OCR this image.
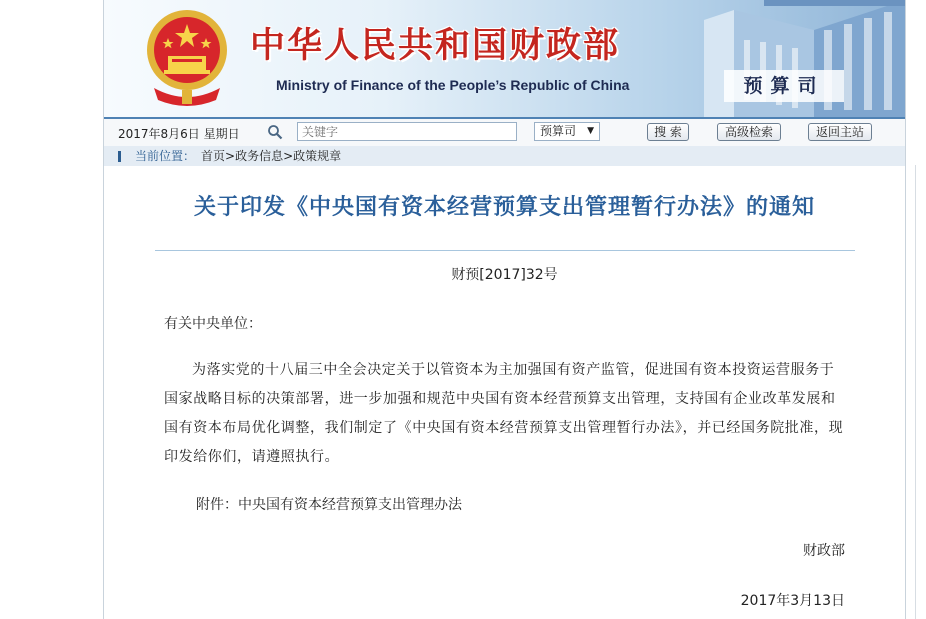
中华人民共和国财政部
Ministry of Finance of the People’s Republic of China	预算司
2017年8月6日 星期日
关键字	预算司 ▼	搜 索	高级检索	返回主站
当前位置： 首页>政务信息>政策规章
关于印发《中央国有资本经营预算支出管理暂行办法》的通知
财预[2017]32号
有关中央单位：
为落实党的十八届三中全会决定关于以管资本为主加强国有资产监管，促进国有资本投资运营服务于国家战略目标的决策部署，进一步加强和规范中央国有资本经营预算支出管理，支持国有企业改革发展和国有资本布局优化调整，我们制定了《中央国有资本经营预算支出管理暂行办法》，并已经国务院批准，现印发给你们，请遵照执行。
附件：中央国有资本经营预算支出管理办法
财政部
2017年3月13日
